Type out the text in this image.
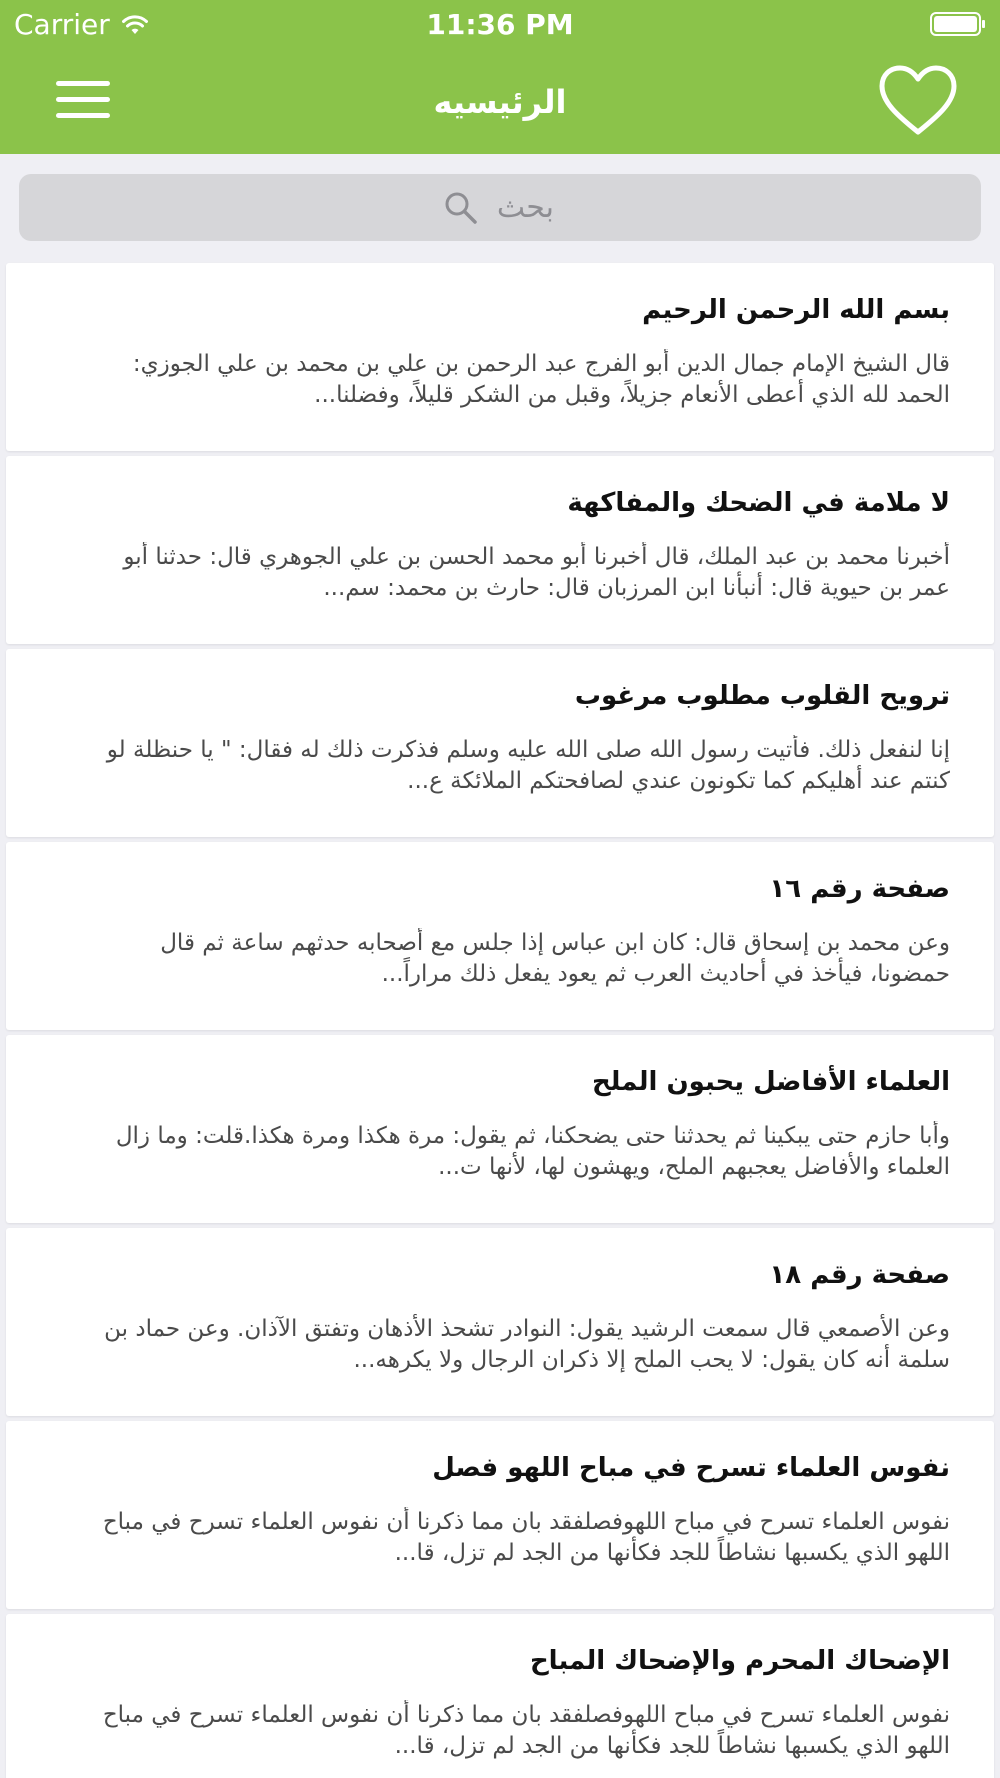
Carrier	11:36 PM
الرئيسيه
بحث
بسم الله الرحمن الرحيم
قال الشيخ الإمام جمال الدين أبو الفرج عبد الرحمن بن علي بن محمد بن علي الجوزي: الحمد لله الذي أعطى الأنعام جزيلاً، وقبل من الشكر قليلاً، وفضلنا...
لا ملامة في الضحك والمفاكهة
أخبرنا محمد بن عبد الملك، قال أخبرنا أبو محمد الحسن بن علي الجوهري قال: حدثنا أبو عمر بن حيوية قال: أنبأنا ابن المرزبان قال: حارث بن محمد: سم...
ترويح القلوب مطلوب مرغوب
إنا لنفعل ذلك. فأتيت رسول الله صلى الله عليه وسلم فذكرت ذلك له فقال: " يا حنظلة لو كنتم عند أهليكم كما تكونون عندي لصافحتكم الملائكة ع...
صفحة رقم ١٦
وعن محمد بن إسحاق قال: كان ابن عباس إذا جلس مع أصحابه حدثهم ساعة ثم قال حمضونا، فيأخذ في أحاديث العرب ثم يعود يفعل ذلك مراراً...
العلماء الأفاضل يحبون الملح
وأبا حازم حتى يبكينا ثم يحدثنا حتى يضحكنا، ثم يقول: مرة هكذا ومرة هكذا.قلت: وما زال العلماء والأفاضل يعجبهم الملح، ويهشون لها، لأنها ت...
صفحة رقم ١٨
وعن الأصمعي قال سمعت الرشيد يقول: النوادر تشحذ الأذهان وتفتق الآذان. وعن حماد بن سلمة أنه كان يقول: لا يحب الملح إلا ذكران الرجال ولا يكرهه...
نفوس العلماء تسرح في مباح اللهو فصل
نفوس العلماء تسرح في مباح اللهوفصلفقد بان مما ذكرنا أن نفوس العلماء تسرح في مباح اللهو الذي يكسبها نشاطاً للجد فكأنها من الجد لم تزل، قا...
الإضحاك المحرم والإضحاك المباح
نفوس العلماء تسرح في مباح اللهوفصلفقد بان مما ذكرنا أن نفوس العلماء تسرح في مباح اللهو الذي يكسبها نشاطاً للجد فكأنها من الجد لم تزل، قا...
